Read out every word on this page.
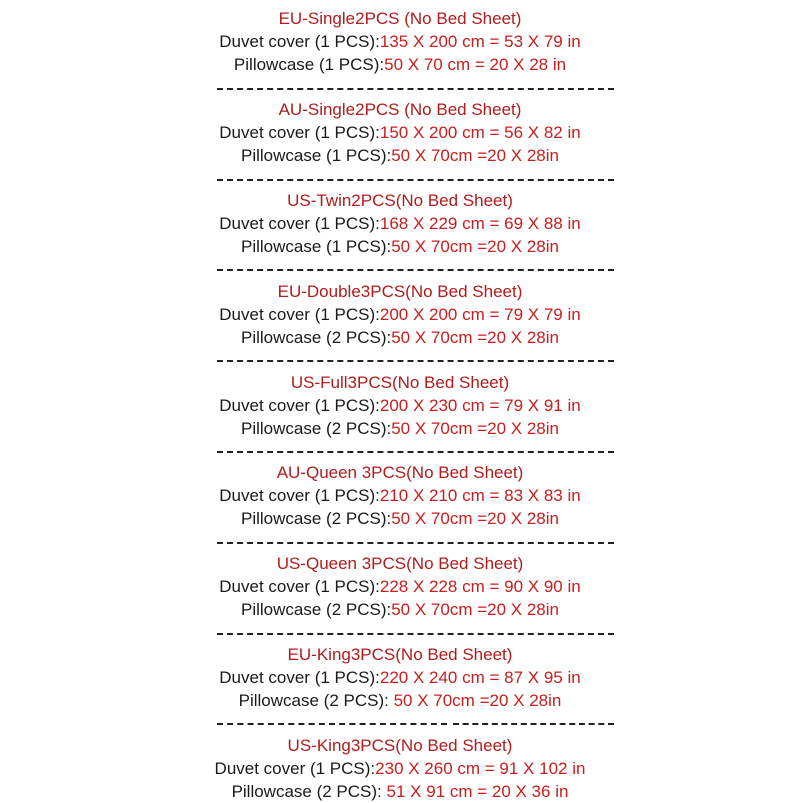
EU-Single2PCS (No Bed Sheet)
Duvet cover (1 PCS):135 X 200 cm = 53 X 79 in
Pillowcase (1 PCS):50 X 70 cm = 20 X 28 in
AU-Single2PCS (No Bed Sheet)
Duvet cover (1 PCS):150 X 200 cm = 56 X 82 in
Pillowcase (1 PCS):50 X 70cm =20 X 28in
US-Twin2PCS(No Bed Sheet)
Duvet cover (1 PCS):168 X 229 cm = 69 X 88 in
Pillowcase (1 PCS):50 X 70cm =20 X 28in
EU-Double3PCS(No Bed Sheet)
Duvet cover (1 PCS):200 X 200 cm = 79 X 79 in
Pillowcase (2 PCS):50 X 70cm =20 X 28in
US-Full3PCS(No Bed Sheet)
Duvet cover (1 PCS):200 X 230 cm = 79 X 91 in
Pillowcase (2 PCS):50 X 70cm =20 X 28in
AU-Queen 3PCS(No Bed Sheet)
Duvet cover (1 PCS):210 X 210 cm = 83 X 83 in
Pillowcase (2 PCS):50 X 70cm =20 X 28in
US-Queen 3PCS(No Bed Sheet)
Duvet cover (1 PCS):228 X 228 cm = 90 X 90 in
Pillowcase (2 PCS):50 X 70cm =20 X 28in
EU-King3PCS(No Bed Sheet)
Duvet cover (1 PCS):220 X 240 cm = 87 X 95 in
Pillowcase (2 PCS): 50 X 70cm =20 X 28in
US-King3PCS(No Bed Sheet)
Duvet cover (1 PCS):230 X 260 cm = 91 X 102 in
Pillowcase (2 PCS): 51 X 91 cm = 20 X 36 in
